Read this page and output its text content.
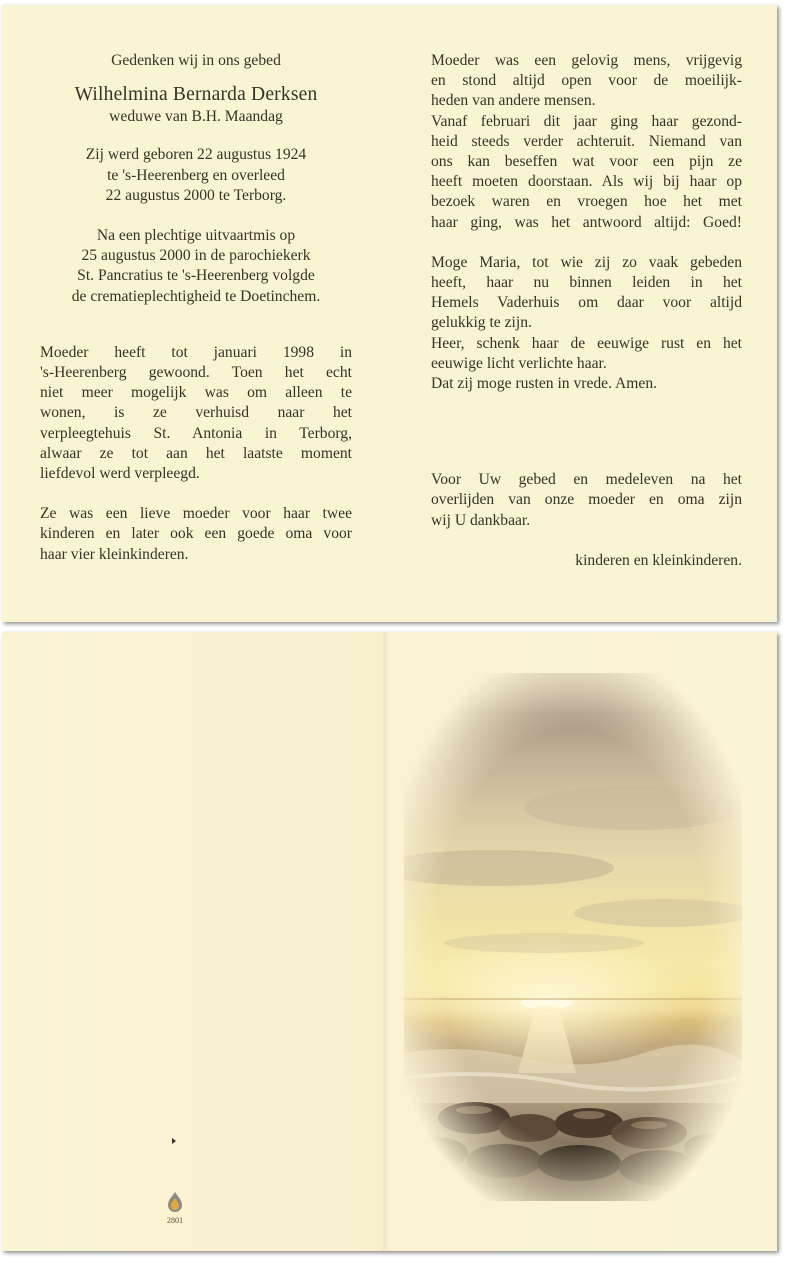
Gedenken wij in ons gebed
Wilhelmina Bernarda Derksen
weduwe van B.H. Maandag
Zij werd geboren 22 augustus 1924
te 's-Heerenberg en overleed
22 augustus 2000 te Terborg.
Na een plechtige uitvaartmis op
25 augustus 2000 in de parochiekerk
St. Pancratius te 's-Heerenberg volgde
de crematieplechtigheid te Doetinchem.
Moeder heeft tot januari 1998 in
's-Heerenberg gewoond. Toen het echt
niet meer mogelijk was om alleen te
wonen, is ze verhuisd naar het
verpleegtehuis St. Antonia in Terborg,
alwaar ze tot aan het laatste moment
liefdevol werd verpleegd.
Ze was een lieve moeder voor haar twee
kinderen en later ook een goede oma voor
haar vier kleinkinderen.
Moeder was een gelovig mens, vrijgevig
en stond altijd open voor de moeilijk-
heden van andere mensen.
Vanaf februari dit jaar ging haar gezond-
heid steeds verder achteruit. Niemand van
ons kan beseffen wat voor een pijn ze
heeft moeten doorstaan. Als wij bij haar op
bezoek waren en vroegen hoe het met
haar ging, was het antwoord altijd: Goed!
Moge Maria, tot wie zij zo vaak gebeden
heeft, haar nu binnen leiden in het
Hemels Vaderhuis om daar voor altijd
gelukkig te zijn.
Heer, schenk haar de eeuwige rust en het
eeuwige licht verlichte haar.
Dat zij moge rusten in vrede. Amen.
Voor Uw gebed en medeleven na het
overlijden van onze moeder en oma zijn
wij U dankbaar.
kinderen en kleinkinderen.
2801
